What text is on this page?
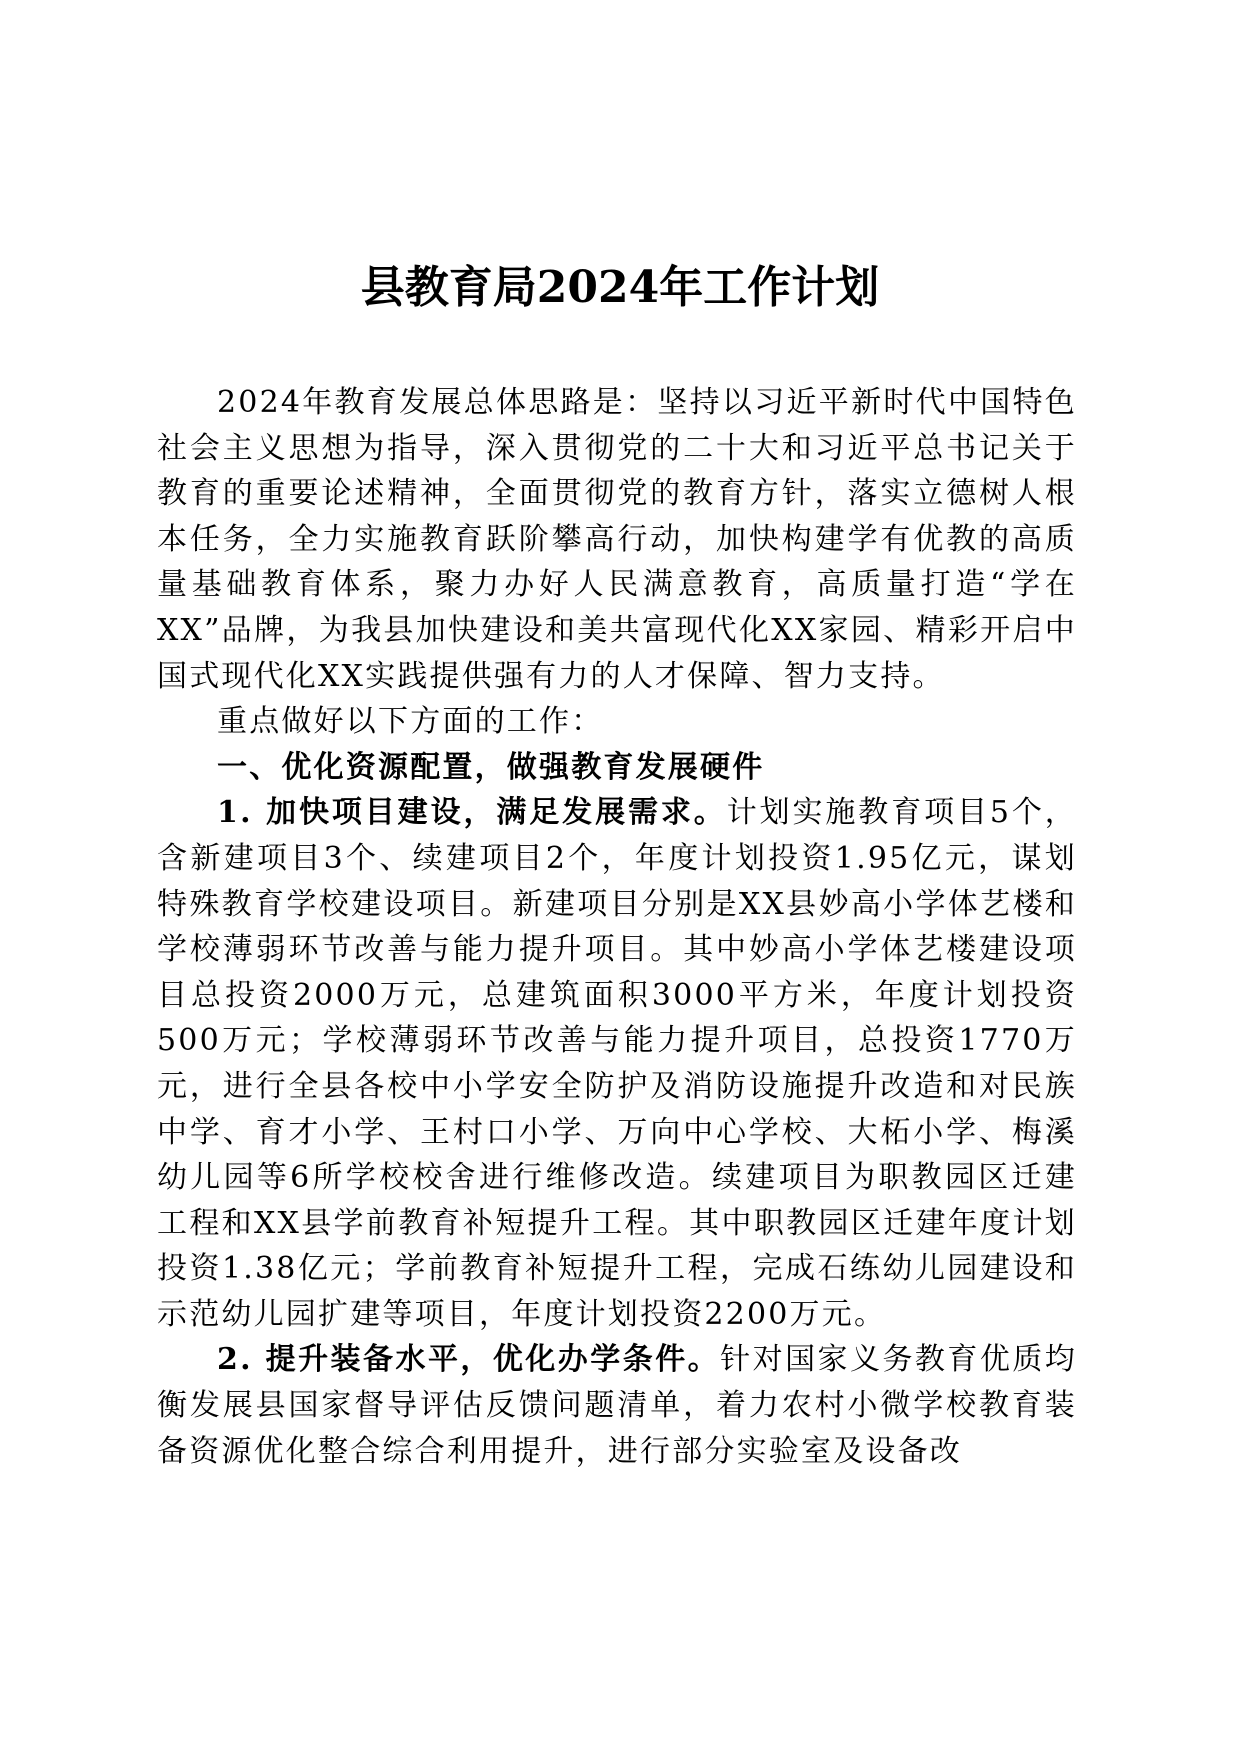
县教育局2024年工作计划

2024年教育发展总体思路是：坚持以习近平新时代中国特色社会主义思想为指导，深入贯彻党的二十大和习近平总书记关于教育的重要论述精神，全面贯彻党的教育方针，落实立德树人根本任务，全力实施教育跃阶攀高行动，加快构建学有优教的高质量基础教育体系，聚力办好人民满意教育，高质量打造“学在XX”品牌，为我县加快建设和美共富现代化XX家园、精彩开启中国式现代化XX实践提供强有力的人才保障、智力支持。

重点做好以下方面的工作：

一、优化资源配置，做强教育发展硬件

1. 加快项目建设，满足发展需求。计划实施教育项目5个，含新建项目3个、续建项目2个，年度计划投资1.95亿元，谋划特殊教育学校建设项目。新建项目分别是XX县妙高小学体艺楼和学校薄弱环节改善与能力提升项目。其中妙高小学体艺楼建设项目总投资2000万元，总建筑面积3000平方米，年度计划投资500万元；学校薄弱环节改善与能力提升项目，总投资1770万元，进行全县各校中小学安全防护及消防设施提升改造和对民族中学、育才小学、王村口小学、万向中心学校、大柘小学、梅溪幼儿园等6所学校校舍进行维修改造。续建项目为职教园区迁建工程和XX县学前教育补短提升工程。其中职教园区迁建年度计划投资1.38亿元；学前教育补短提升工程，完成石练幼儿园建设和示范幼儿园扩建等项目，年度计划投资2200万元。

2. 提升装备水平，优化办学条件。针对国家义务教育优质均衡发展县国家督导评估反馈问题清单，着力农村小微学校教育装备资源优化整合综合利用提升，进行部分实验室及设备改
